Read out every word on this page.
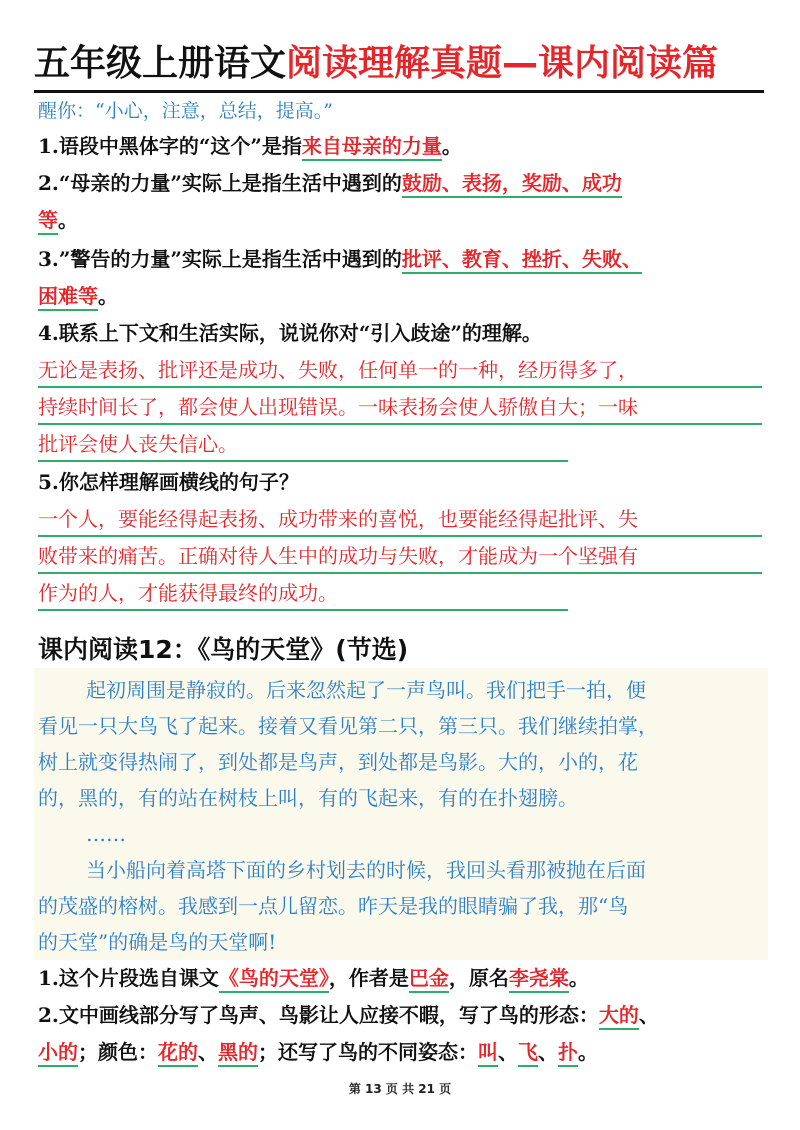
五年级上册语文阅读理解真题—课内阅读篇
醒你：“小心，注意，总结，提高。”
1.语段中黑体字的“这个”是指来自母亲的力量。
2.“母亲的力量”实际上是指生活中遇到的鼓励、表扬，奖励、成功
等。
3.”警告的力量”实际上是指生活中遇到的批评、教育、挫折、失败、
困难等。
4.联系上下文和生活实际，说说你对“引入歧途”的理解。
无论是表扬、批评还是成功、失败，任何单一的一种，经历得多了，
持续时间长了，都会使人出现错误。一味表扬会使人骄傲自大；一味
批评会使人丧失信心。
5.你怎样理解画横线的句子？
一个人，要能经得起表扬、成功带来的喜悦，也要能经得起批评、失
败带来的痛苦。正确对待人生中的成功与失败，才能成为一个坚强有
作为的人，才能获得最终的成功。
课内阅读12：《鸟的天堂》(节选)
起初周围是静寂的。后来忽然起了一声鸟叫。我们把手一拍，便
看见一只大鸟飞了起来。接着又看见第二只，第三只。我们继续拍掌，
树上就变得热闹了，到处都是鸟声，到处都是鸟影。大的，小的，花
的，黑的，有的站在树枝上叫，有的飞起来，有的在扑翅膀。
……
当小船向着高塔下面的乡村划去的时候，我回头看那被抛在后面
的茂盛的榕树。我感到一点儿留恋。昨天是我的眼睛骗了我，那“鸟
的天堂”的确是鸟的天堂啊!
1.这个片段选自课文《鸟的天堂》，作者是巴金，原名李尧棠。
2.文中画线部分写了鸟声、鸟影让人应接不暇，写了鸟的形态：大的、
小的；颜色：花的、黑的；还写了鸟的不同姿态：叫、飞、扑。
第 13 页 共 21 页
